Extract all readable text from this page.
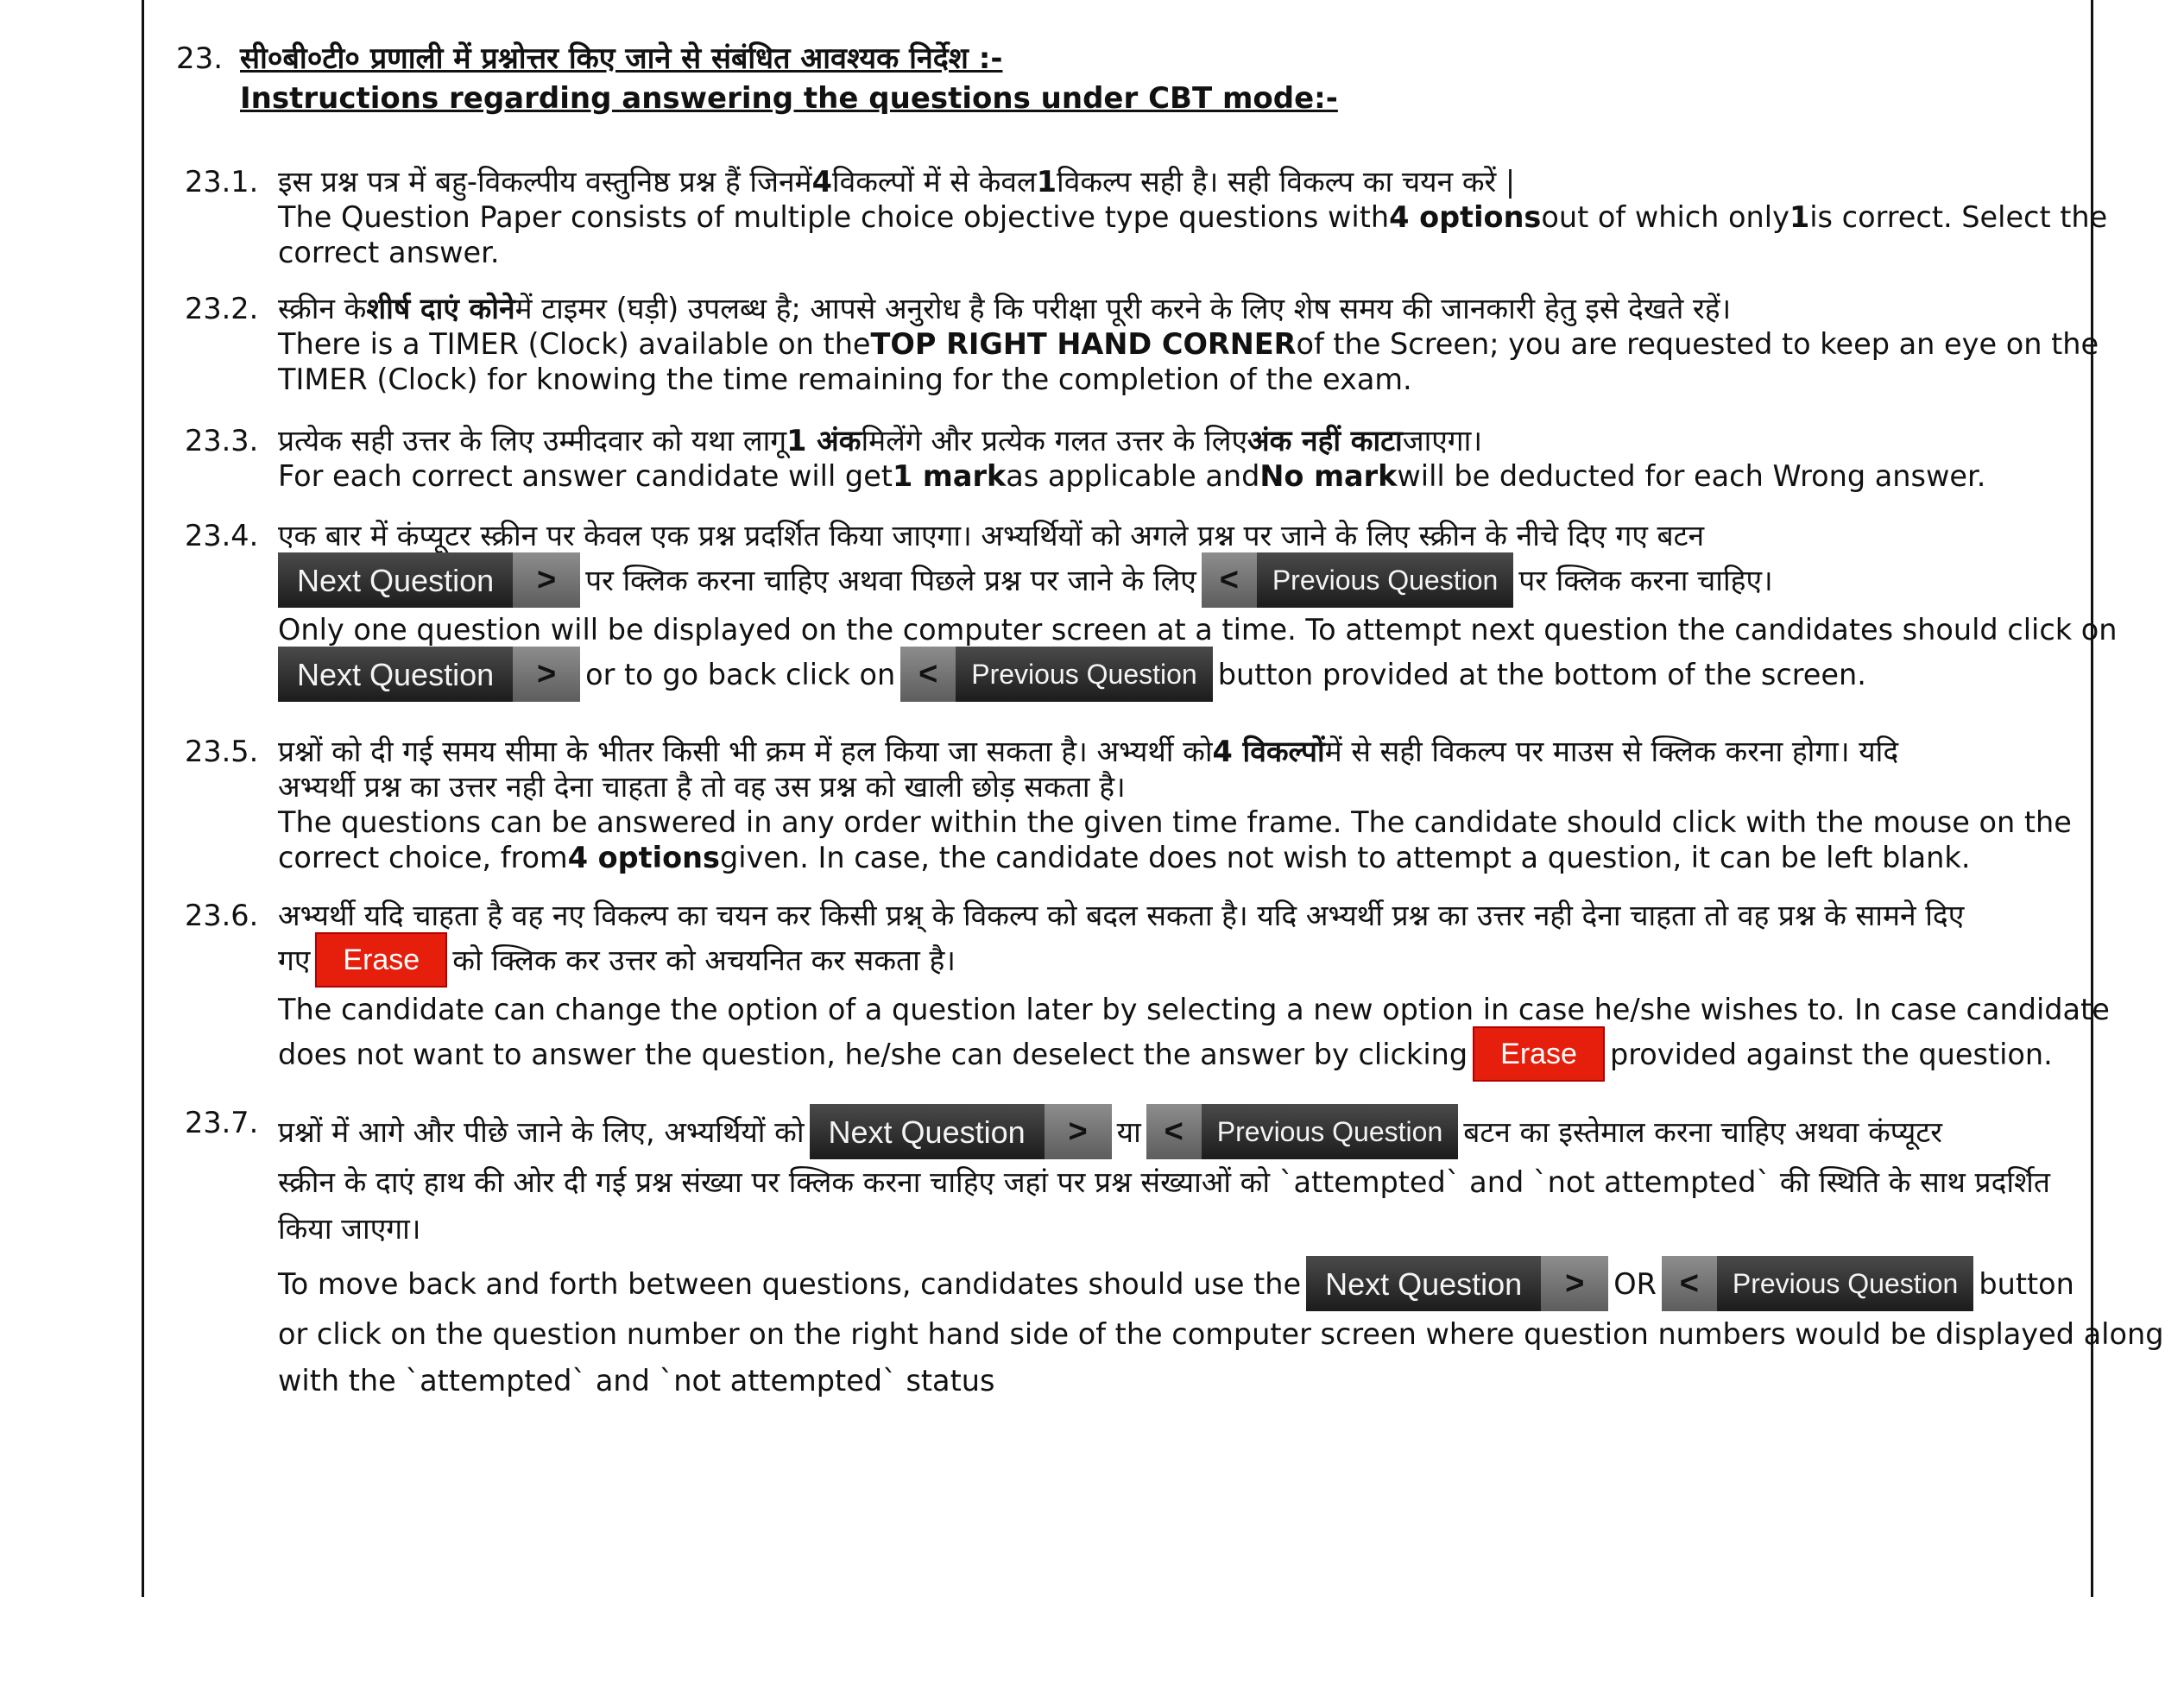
23. सी०बी०टी० प्रणाली में प्रश्नोत्तर किए जाने से संबंधित आवश्यक निर्देश :-
Instructions regarding answering the questions under CBT mode:-
23.1. इस प्रश्न पत्र में बहु-विकल्पीय वस्तुनिष्ठ प्रश्न हैं जिनमें 4 विकल्पों में से केवल 1 विकल्प सही है। सही विकल्प का चयन करें |
The Question Paper consists of multiple choice objective type questions with 4 options out of which only 1 is correct. Select the
correct answer.
23.2. स्क्रीन के शीर्ष दाएं कोने में टाइमर (घड़ी) उपलब्ध है; आपसे अनुरोध है कि परीक्षा पूरी करने के लिए शेष समय की जानकारी हेतु इसे देखते रहें।
There is a TIMER (Clock) available on the TOP RIGHT HAND CORNER of the Screen; you are requested to keep an eye on the
TIMER (Clock) for knowing the time remaining for the completion of the exam.
23.3. प्रत्येक सही उत्तर के लिए उम्मीदवार को यथा लागू 1 अंक मिलेंगे और प्रत्येक गलत उत्तर के लिए अंक नहीं काटा जाएगा।
For each correct answer candidate will get 1 mark as applicable and No mark will be deducted for each Wrong answer.
23.4. एक बार में कंप्यूटर स्क्रीन पर केवल एक प्रश्न प्रदर्शित किया जाएगा। अभ्यर्थियों को अगले प्रश्न पर जाने के लिए स्क्रीन के नीचे दिए गए बटन
Next Question	>	पर क्लिक करना चाहिए अथवा पिछले प्रश्न पर जाने के लिए <	Previous Question पर क्लिक करना चाहिए।
Only one question will be displayed on the computer screen at a time. To attempt next question the candidates should click on
Next Question	>	or to go back click on <	Previous Question button provided at the bottom of the screen.
23.5. प्रश्नों को दी गई समय सीमा के भीतर किसी भी क्रम में हल किया जा सकता है। अभ्यर्थी को 4 विकल्पों में से सही विकल्प पर माउस से क्लिक करना होगा। यदि
अभ्यर्थी प्रश्न का उत्तर नही देना चाहता है तो वह उस प्रश्न को खाली छोड़ सकता है।
The questions can be answered in any order within the given time frame. The candidate should click with the mouse on the
correct choice, from 4 options given. In case, the candidate does not wish to attempt a question, it can be left blank.
23.6. अभ्यर्थी यदि चाहता है वह नए विकल्प का चयन कर किसी प्रश्न् के विकल्प को बदल सकता है। यदि अभ्यर्थी प्रश्न का उत्तर नही देना चाहता तो वह प्रश्न के सामने दिए
गए	Erase	को क्लिक कर उत्तर को अचयनित कर सकता है।
The candidate can change the option of a question later by selecting a new option in case he/she wishes to. In case candidate
does not want to answer the question, he/she can deselect the answer by clicking	Erase	provided against the question.
23.7. प्रश्नों में आगे और पीछे जाने के लिए, अभ्यर्थियों को Next Question	>	या <	Previous Question बटन का इस्तेमाल करना चाहिए अथवा कंप्यूटर
स्क्रीन के दाएं हाथ की ओर दी गई प्रश्न संख्या पर क्लिक करना चाहिए जहां पर प्रश्न संख्याओं को `attempted` and `not attempted` की स्थिति के साथ प्रदर्शित
किया जाएगा।
To move back and forth between questions, candidates should use the Next Question	>	OR <	Previous Question button
or click on the question number on the right hand side of the computer screen where question numbers would be displayed along
with the `attempted` and `not attempted` status
